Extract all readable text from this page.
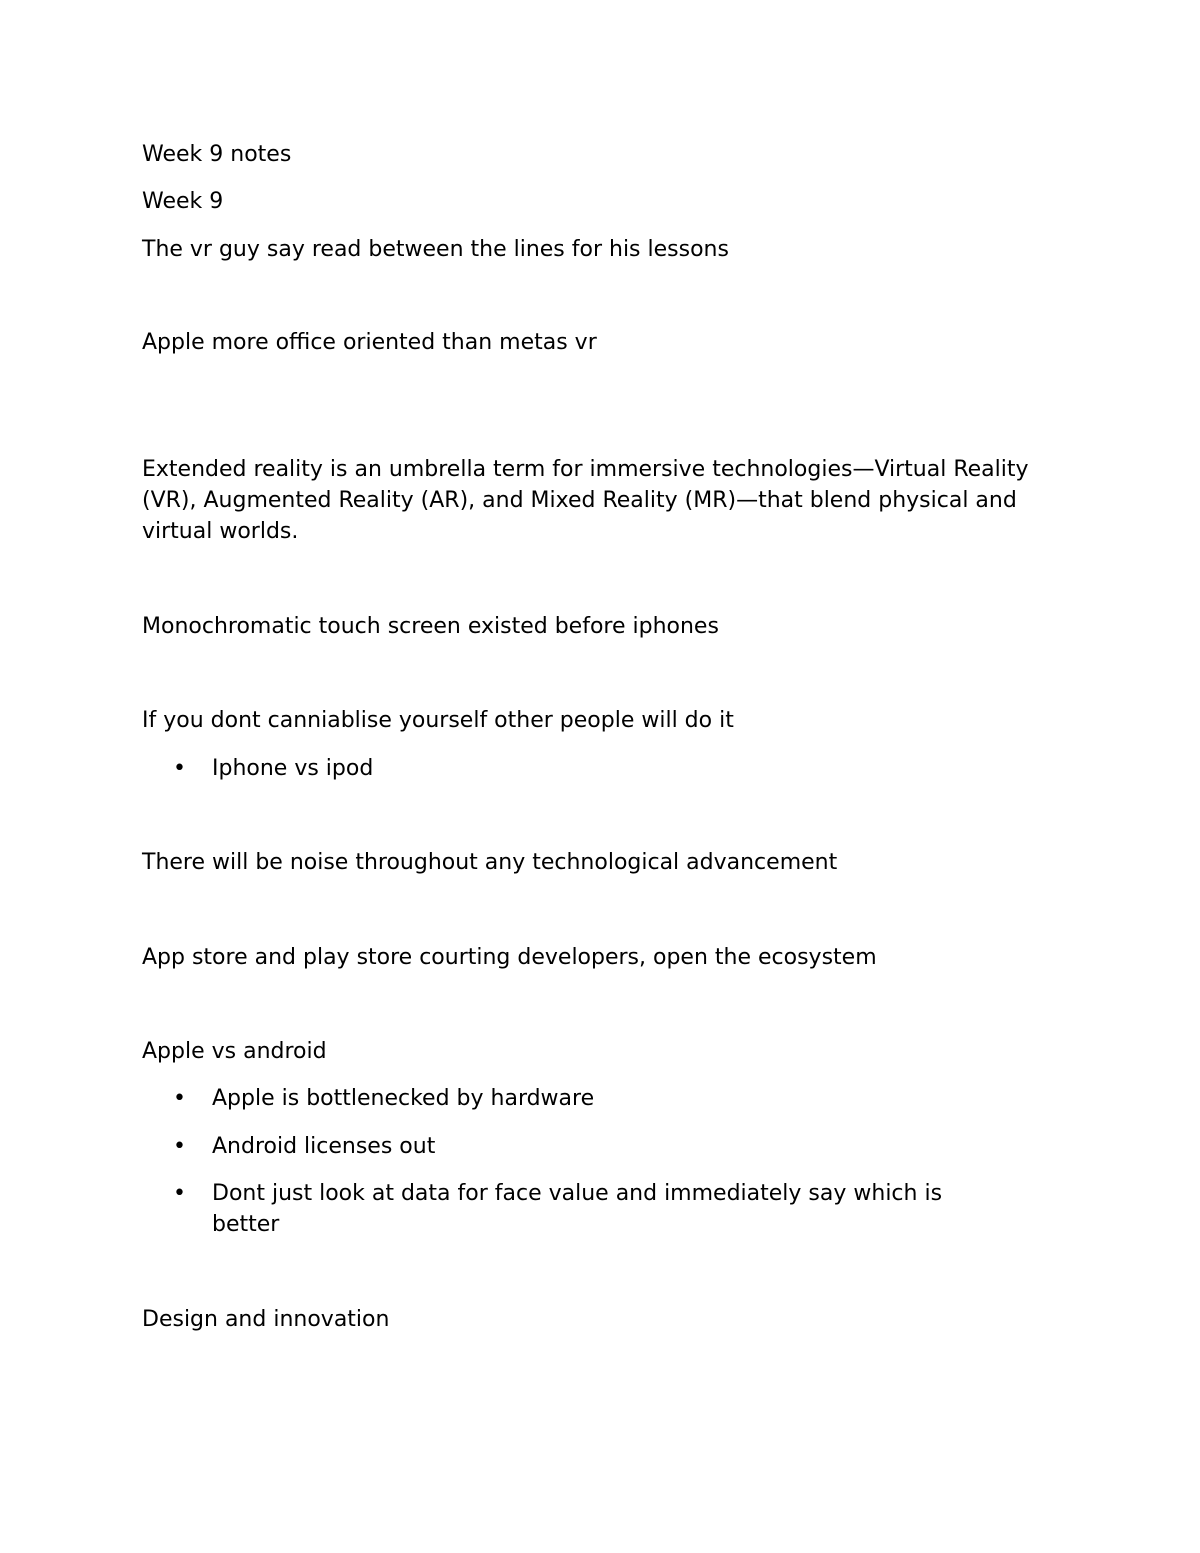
Week 9 notes

Week 9

The vr guy say read between the lines for his lessons

Apple more office oriented than metas vr

Extended reality is an umbrella term for immersive technologies—Virtual Reality (VR), Augmented Reality (AR), and Mixed Reality (MR)—that blend physical and virtual worlds.

Monochromatic touch screen existed before iphones

If you dont canniablise yourself other people will do it

•	Iphone vs ipod

There will be noise throughout any technological advancement

App store and play store courting developers, open the ecosystem

Apple vs android

•	Apple is bottlenecked by hardware
•	Android licenses out
•	Dont just look at data for face value and immediately say which is better

Design and innovation
